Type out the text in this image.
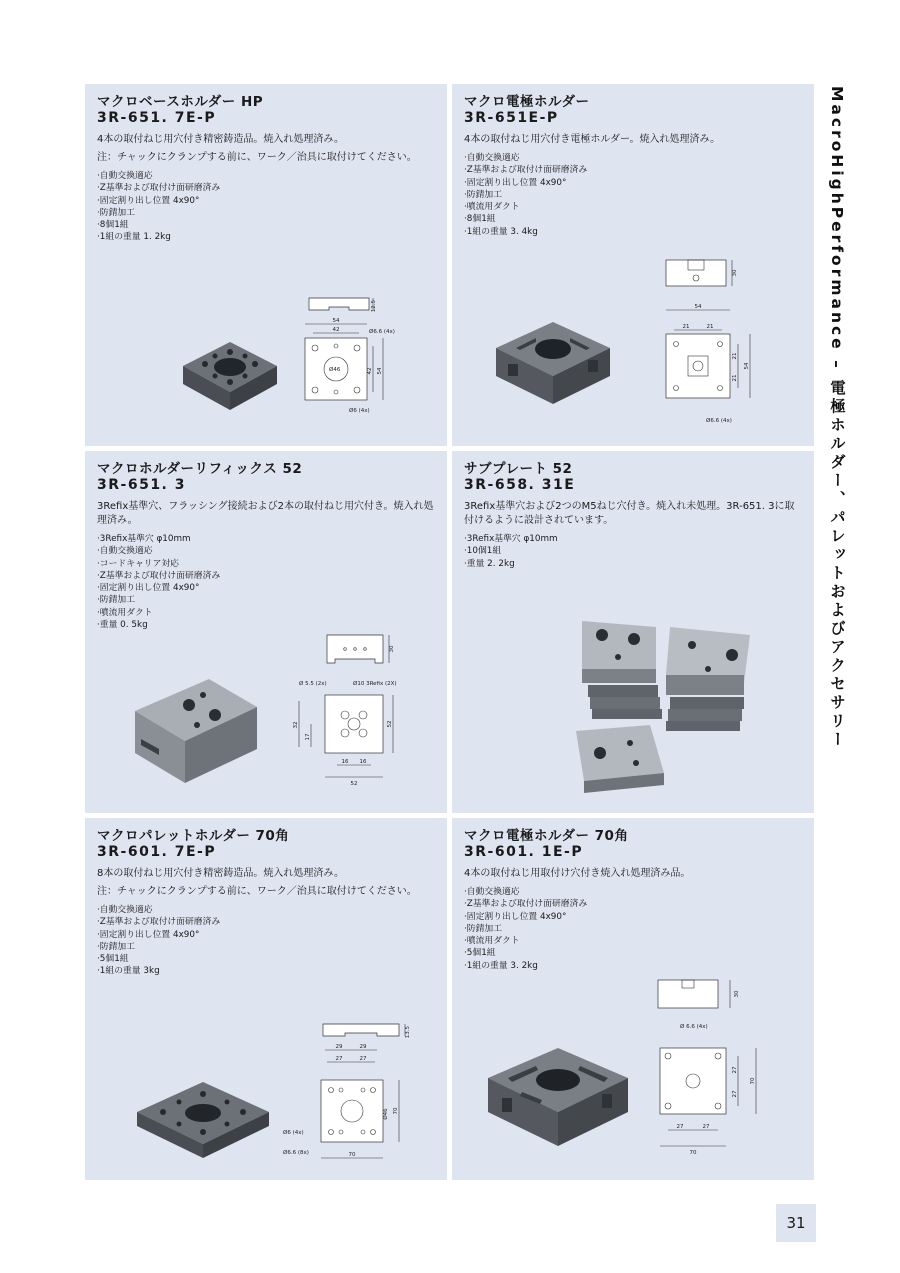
マクロベースホルダー HP
3R-651. 7E-P
4本の取付ねじ用穴付き精密鋳造品。焼入れ処理済み。
注：チャックにクランプする前に、ワーク／治具に取付けてください。
· 自動交換適応
· Z基準および取付け面研磨済み
· 固定割り出し位置 4x90°
· 防錆加工
· 8個1組
· 1組の重量 1. 2kg
12.5
54
42	Ø6.6 (4x)
Ø46	42 54
Ø6 (4x)
マクロ電極ホルダー
3R-651E-P
4本の取付ねじ用穴付き電極ホルダー。焼入れ処理済み。
· 自動交換適応
· Z基準および取付け面研磨済み
· 固定割り出し位置 4x90°
· 防錆加工
· 噴流用ダクト
· 8個1組
· 1組の重量 3. 4kg
30
54
21	21
21
21
54
Ø6.6 (4x)
マクロホルダーリフィックス 52
3R-651. 3
3Refix基準穴、フラッシング接続および2本の取付ねじ用穴付き。焼入れ処理済み。
· 3Refix基準穴 φ10mm
· 自動交換適応
· コードキャリア対応
· Z基準および取付け面研磨済み
· 固定割り出し位置 4x90°
· 防錆加工
· 噴流用ダクト
· 重量 0. 5kg
30
Ø 5.5 (2x)	Ø10 3Refix (2X)
32
17
52
16 16
52
サブプレート 52
3R-658. 31E
3Refix基準穴および2つのM5ねじ穴付き。焼入れ未処理。3R-651. 3に取付けるように設計されています。
· 3Refix基準穴 φ10mm
· 10個1組
· 重量 2. 2kg
マクロパレットホルダー 70角
3R-601. 7E-P
8本の取付ねじ用穴付き精密鋳造品。焼入れ処理済み。
注：チャックにクランプする前に、ワーク／治具に取付けてください。
· 自動交換適応
· Z基準および取付け面研磨済み
· 固定割り出し位置 4x90°
· 防錆加工
· 5個1組
· 1組の重量 3kg
13.5
29	29
27	27
Ø46 70
Ø6 (4x)
Ø6.6 (8x)	70
マクロ電極ホルダー 70角
3R-601. 1E-P
4本の取付ねじ用取付け穴付き焼入れ処理済み品。
· 自動交換適応
· Z基準および取付け面研磨済み
· 固定割り出し位置 4x90°
· 防錆加工
· 噴流用ダクト
· 5個1組
· 1組の重量 3. 2kg
30
Ø 6.6 (4x)
27
27
70
27	27
70
MacroHighPerformance – 電極ホルダー、パレットおよびアクセサリー
31
